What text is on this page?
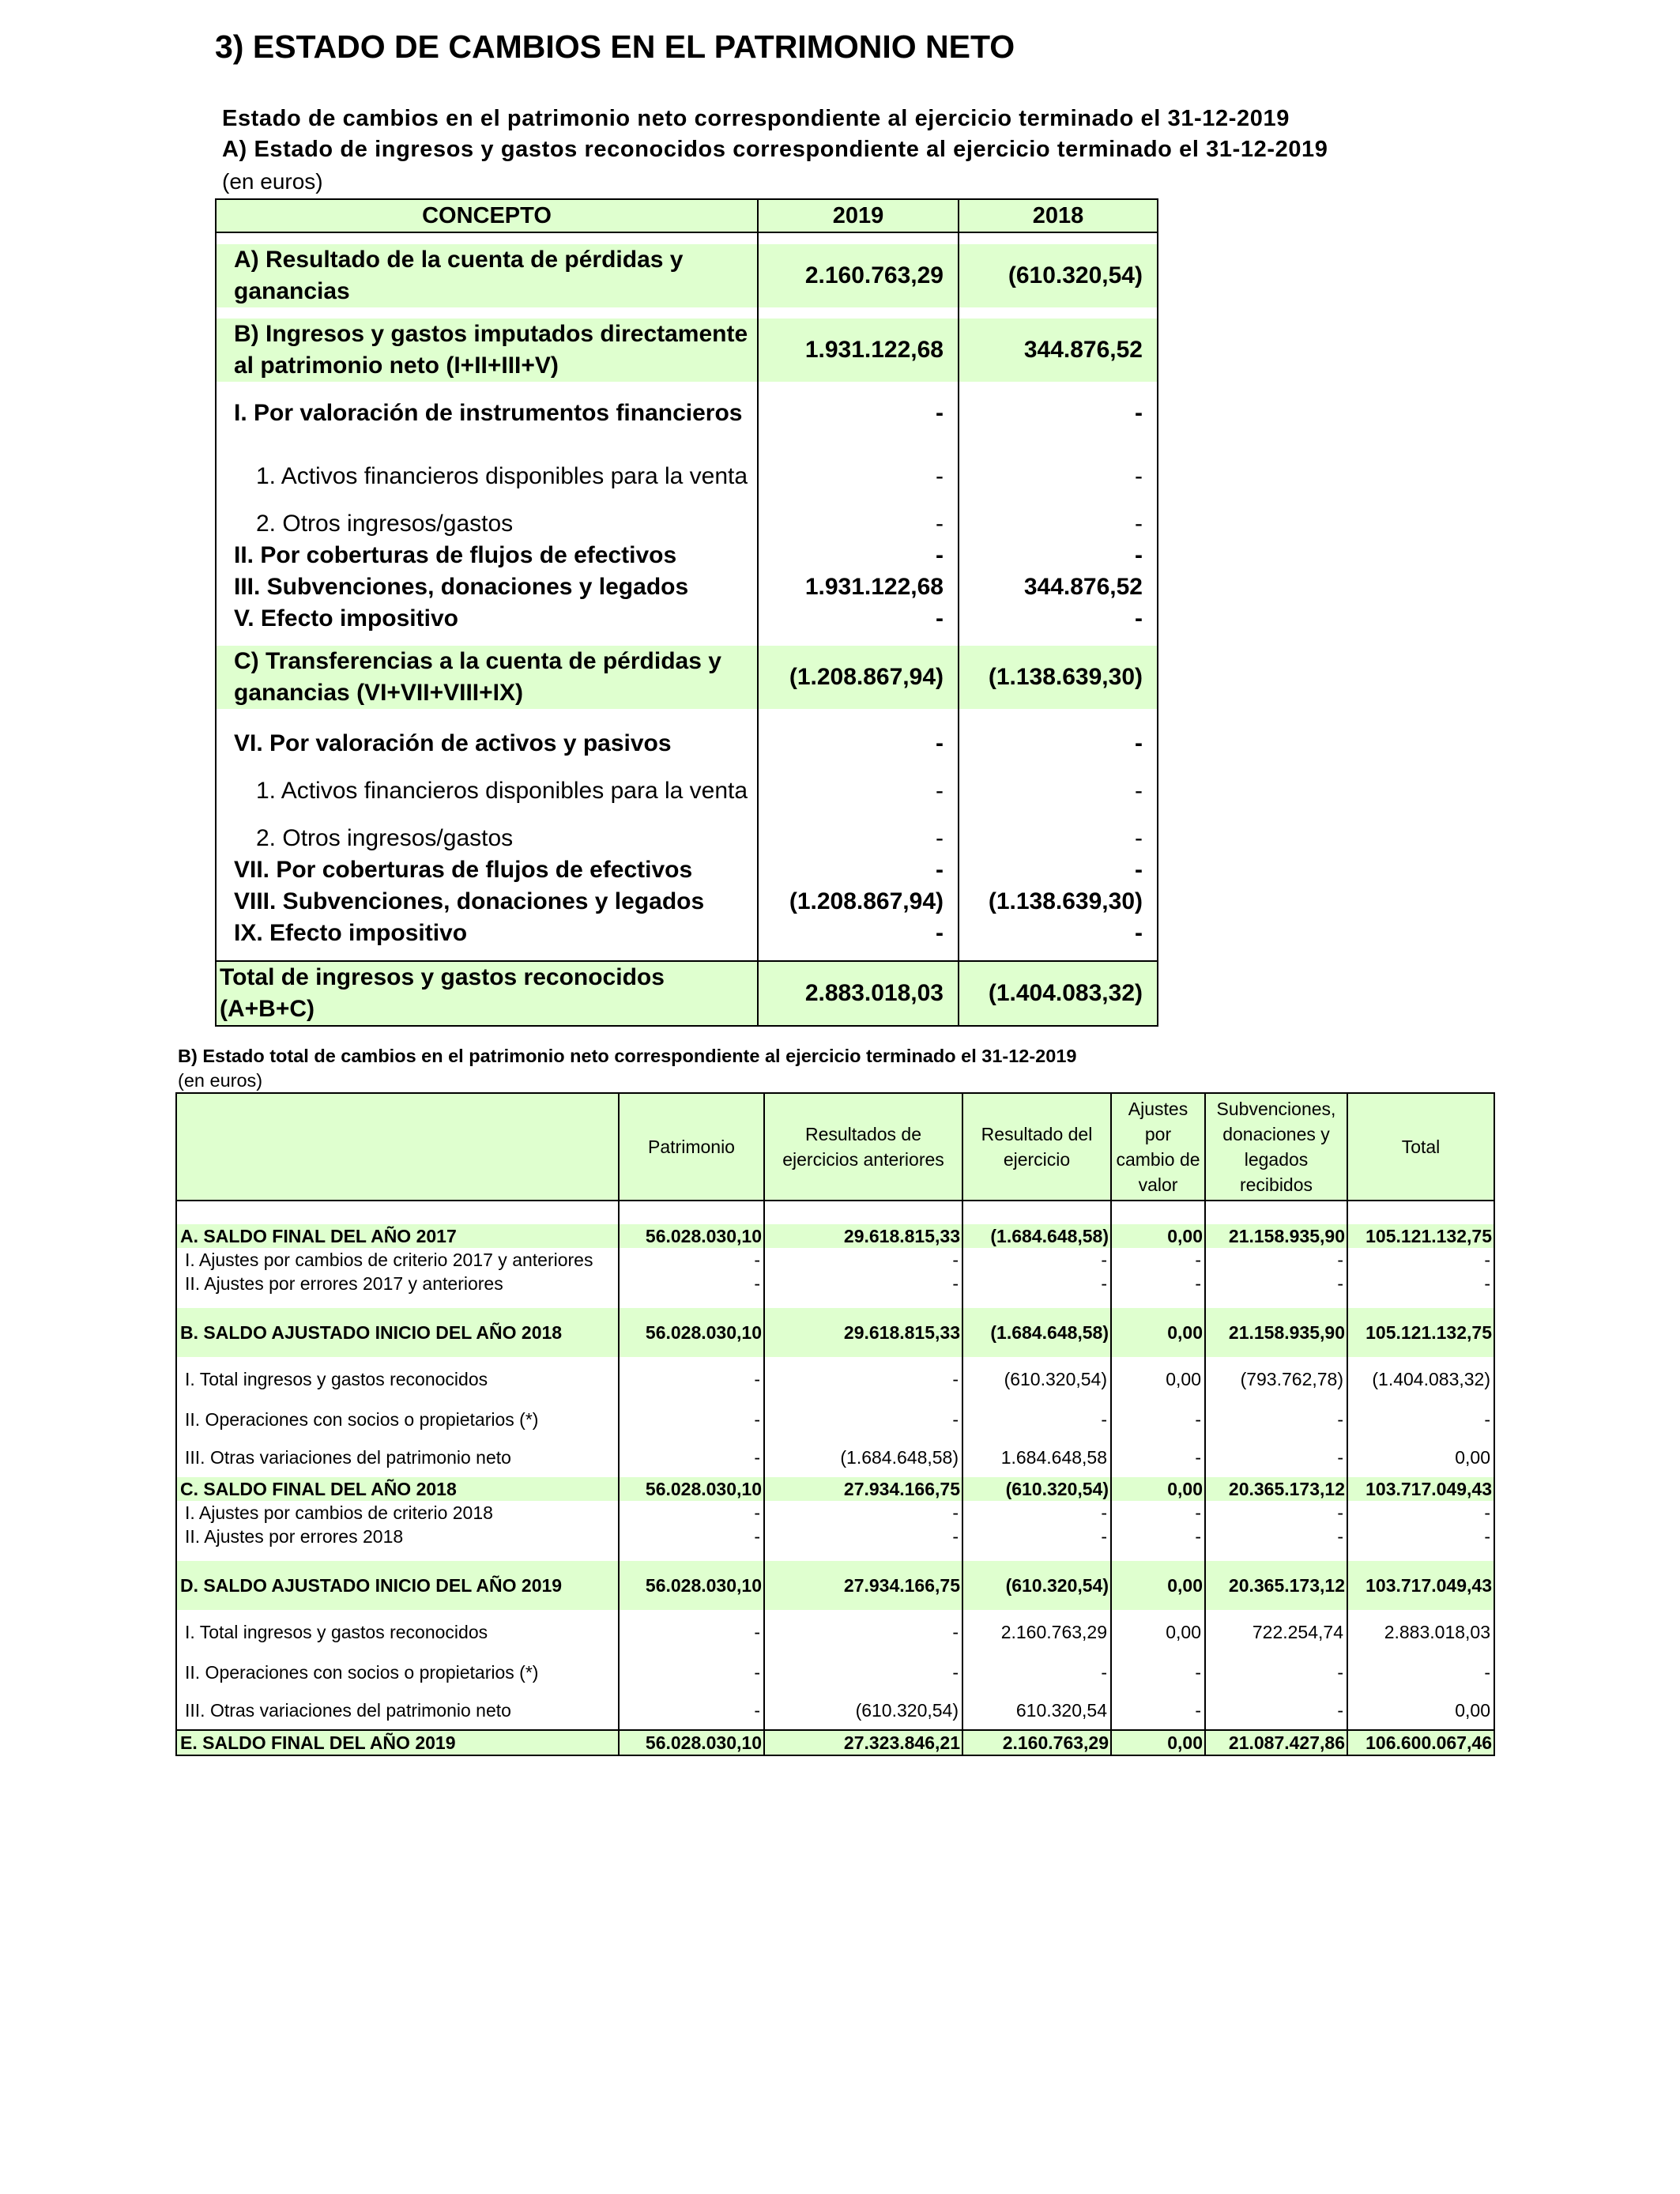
3) ESTADO DE CAMBIOS EN EL PATRIMONIO NETO
Estado de cambios en el patrimonio neto correspondiente al ejercicio terminado el 31-12-2019
A) Estado de ingresos y gastos reconocidos correspondiente al ejercicio terminado el 31-12-2019
(en euros)
CONCEPTO	2019	2018

A) Resultado de la cuenta de pérdidas y ganancias	2.160.763,29	(610.320,54)

B) Ingresos y gastos imputados directamente al patrimonio neto (I+II+III+V)	1.931.122,68	344.876,52
I. Por valoración de instrumentos financieros	-	-
1. Activos financieros disponibles para la venta	-	-
2. Otros ingresos/gastos	-	-
II. Por coberturas de flujos de efectivos	-	-
III. Subvenciones, donaciones y legados	1.931.122,68	344.876,52
V. Efecto impositivo	-	-

C) Transferencias a la cuenta de pérdidas y ganancias (VI+VII+VIII+IX)	(1.208.867,94)	(1.138.639,30)

VI. Por valoración de activos y pasivos	-	-
1. Activos financieros disponibles para la venta	-	-
2. Otros ingresos/gastos	-	-
VII. Por coberturas de flujos de efectivos	-	-
VIII. Subvenciones, donaciones y legados	(1.208.867,94)	(1.138.639,30)
IX. Efecto impositivo	-	-

Total de ingresos y gastos reconocidos (A+B+C)	2.883.018,03	(1.404.083,32)
B) Estado total de cambios en el patrimonio neto correspondiente al ejercicio terminado el 31-12-2019
(en euros)
	Patrimonio	Resultados de ejercicios anteriores	Resultado del ejercicio	Ajustes por cambio de valor	Subvenciones, donaciones y legados recibidos	Total

A. SALDO FINAL DEL AÑO 2017	56.028.030,10	29.618.815,33	(1.684.648,58)	0,00	21.158.935,90	105.121.132,75
I. Ajustes por cambios de criterio 2017 y anteriores	-	-	-	-	-	-
II. Ajustes por errores 2017 y anteriores	-	-	-	-	-	-

B. SALDO AJUSTADO INICIO DEL AÑO 2018	56.028.030,10	29.618.815,33	(1.684.648,58)	0,00	21.158.935,90	105.121.132,75

I. Total ingresos y gastos reconocidos	-	-	(610.320,54)	0,00	(793.762,78)	(1.404.083,32)
II. Operaciones con socios o propietarios (*)	-	-	-	-	-	-
III. Otras variaciones del patrimonio neto	-	(1.684.648,58)	1.684.648,58	-	-	0,00
C. SALDO FINAL DEL AÑO 2018	56.028.030,10	27.934.166,75	(610.320,54)	0,00	20.365.173,12	103.717.049,43
I. Ajustes por cambios de criterio 2018	-	-	-	-	-	-
II. Ajustes por errores 2018	-	-	-	-	-	-

D. SALDO AJUSTADO INICIO DEL AÑO 2019	56.028.030,10	27.934.166,75	(610.320,54)	0,00	20.365.173,12	103.717.049,43

I. Total ingresos y gastos reconocidos	-	-	2.160.763,29	0,00	722.254,74	2.883.018,03
II. Operaciones con socios o propietarios (*)	-	-	-	-	-	-
III. Otras variaciones del patrimonio neto	-	(610.320,54)	610.320,54	-	-	0,00
E. SALDO FINAL DEL AÑO 2019	56.028.030,10	27.323.846,21	2.160.763,29	0,00	21.087.427,86	106.600.067,46
